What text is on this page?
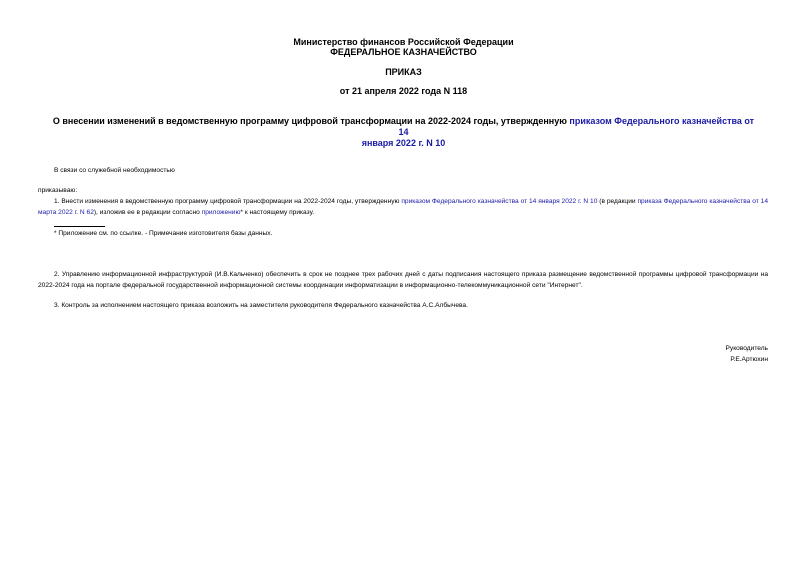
Министерство финансов Российской Федерации
ФЕДЕРАЛЬНОЕ КАЗНАЧЕЙСТВО
ПРИКАЗ
от 21 апреля 2022 года N 118
О внесении изменений в ведомственную программу цифровой трансформации на 2022-2024 годы, утвержденную приказом Федерального казначейства от 14
января 2022 г. N 10
В связи со служебной необходимостью
приказываю:
1. Внести изменения в ведомственную программу цифровой трансформации на 2022-2024 годы, утвержденную приказом Федерального казначейства от 14 января 2022 г. N 10 (в редакции приказа Федерального казначейства от 14 марта 2022 г. N 62), изложив ее в редакции согласно приложению* к настоящему приказу.
* Приложение см. по ссылке. - Примечание изготовителя базы данных.
2. Управлению информационной инфраструктурой (И.В.Кальченко) обеспечить в срок не позднее трех рабочих дней с даты подписания настоящего приказа размещение ведомственной программы цифровой трансформации на 2022-2024 года на портале федеральной государственной информационной системы координации информатизации в информационно-телекоммуникационной сети "Интернет".
3. Контроль за исполнением настоящего приказа возложить на заместителя руководителя Федерального казначейства А.С.Албычева.
Руководитель
Р.Е.Артюхин
